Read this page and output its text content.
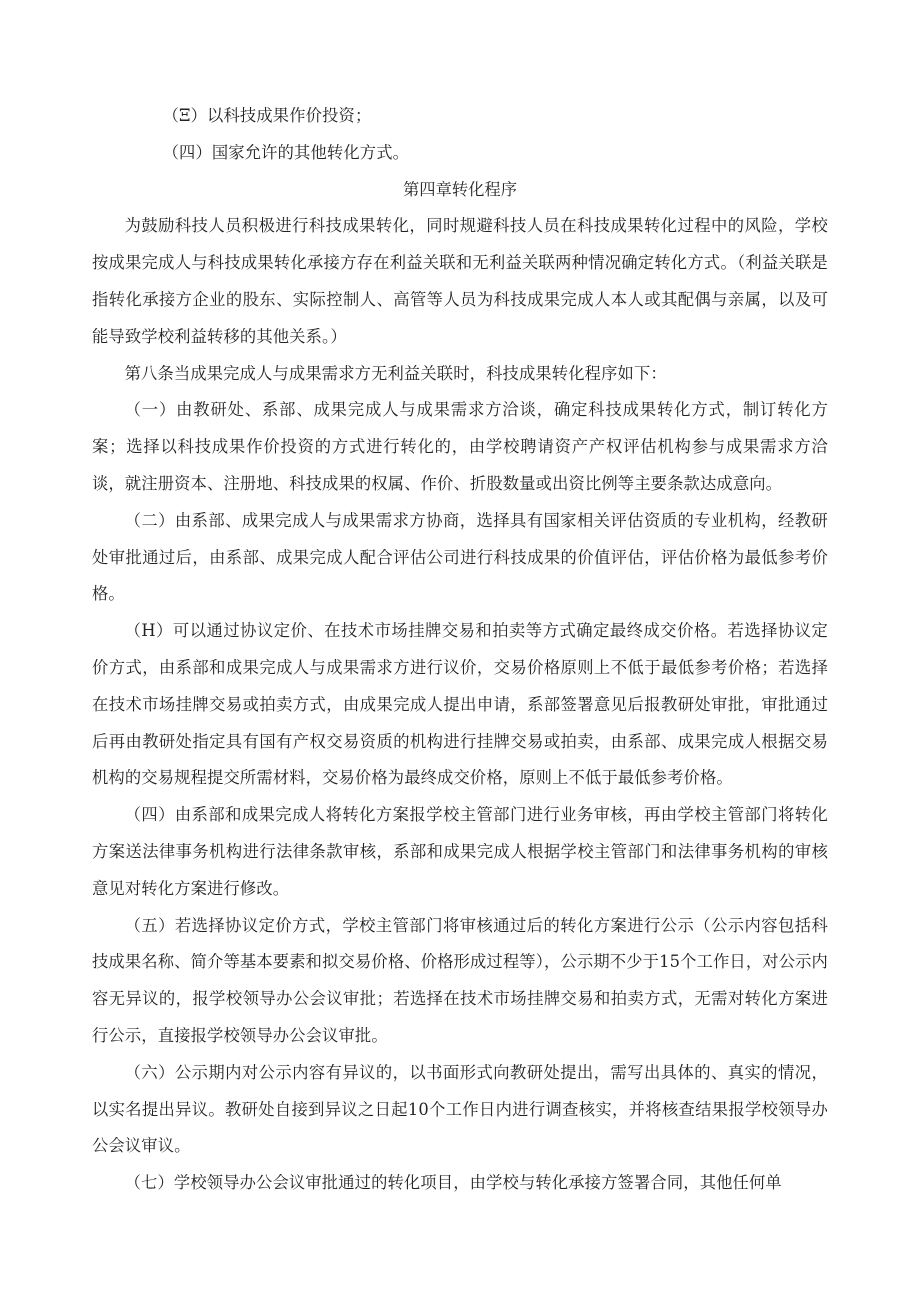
（Ξ）以科技成果作价投资；

（四）国家允许的其他转化方式。

第四章转化程序

为鼓励科技人员积极进行科技成果转化，同时规避科技人员在科技成果转化过程中的风险，学校按成果完成人与科技成果转化承接方存在利益关联和无利益关联两种情况确定转化方式。（利益关联是指转化承接方企业的股东、实际控制人、高管等人员为科技成果完成人本人或其配偶与亲属，以及可能导致学校利益转移的其他关系。）

第八条当成果完成人与成果需求方无利益关联时，科技成果转化程序如下：

（一）由教研处、系部、成果完成人与成果需求方洽谈，确定科技成果转化方式，制订转化方案；选择以科技成果作价投资的方式进行转化的，由学校聘请资产产权评估机构参与成果需求方洽谈，就注册资本、注册地、科技成果的权属、作价、折股数量或出资比例等主要条款达成意向。

（二）由系部、成果完成人与成果需求方协商，选择具有国家相关评估资质的专业机构，经教研处审批通过后，由系部、成果完成人配合评估公司进行科技成果的价值评估，评估价格为最低参考价格。

（H）可以通过协议定价、在技术市场挂牌交易和拍卖等方式确定最终成交价格。若选择协议定价方式，由系部和成果完成人与成果需求方进行议价，交易价格原则上不低于最低参考价格；若选择在技术市场挂牌交易或拍卖方式，由成果完成人提出申请，系部签署意见后报教研处审批，审批通过后再由教研处指定具有国有产权交易资质的机构进行挂牌交易或拍卖，由系部、成果完成人根据交易机构的交易规程提交所需材料，交易价格为最终成交价格，原则上不低于最低参考价格。

（四）由系部和成果完成人将转化方案报学校主管部门进行业务审核，再由学校主管部门将转化方案送法律事务机构进行法律条款审核，系部和成果完成人根据学校主管部门和法律事务机构的审核意见对转化方案进行修改。

（五）若选择协议定价方式，学校主管部门将审核通过后的转化方案进行公示（公示内容包括科技成果名称、简介等基本要素和拟交易价格、价格形成过程等），公示期不少于15个工作日，对公示内容无异议的，报学校领导办公会议审批；若选择在技术市场挂牌交易和拍卖方式，无需对转化方案进行公示，直接报学校领导办公会议审批。

（六）公示期内对公示内容有异议的，以书面形式向教研处提出，需写出具体的、真实的情况，以实名提出异议。教研处自接到异议之日起10个工作日内进行调查核实，并将核查结果报学校领导办公会议审议。

（七）学校领导办公会议审批通过的转化项目，由学校与转化承接方签署合同，其他任何单
